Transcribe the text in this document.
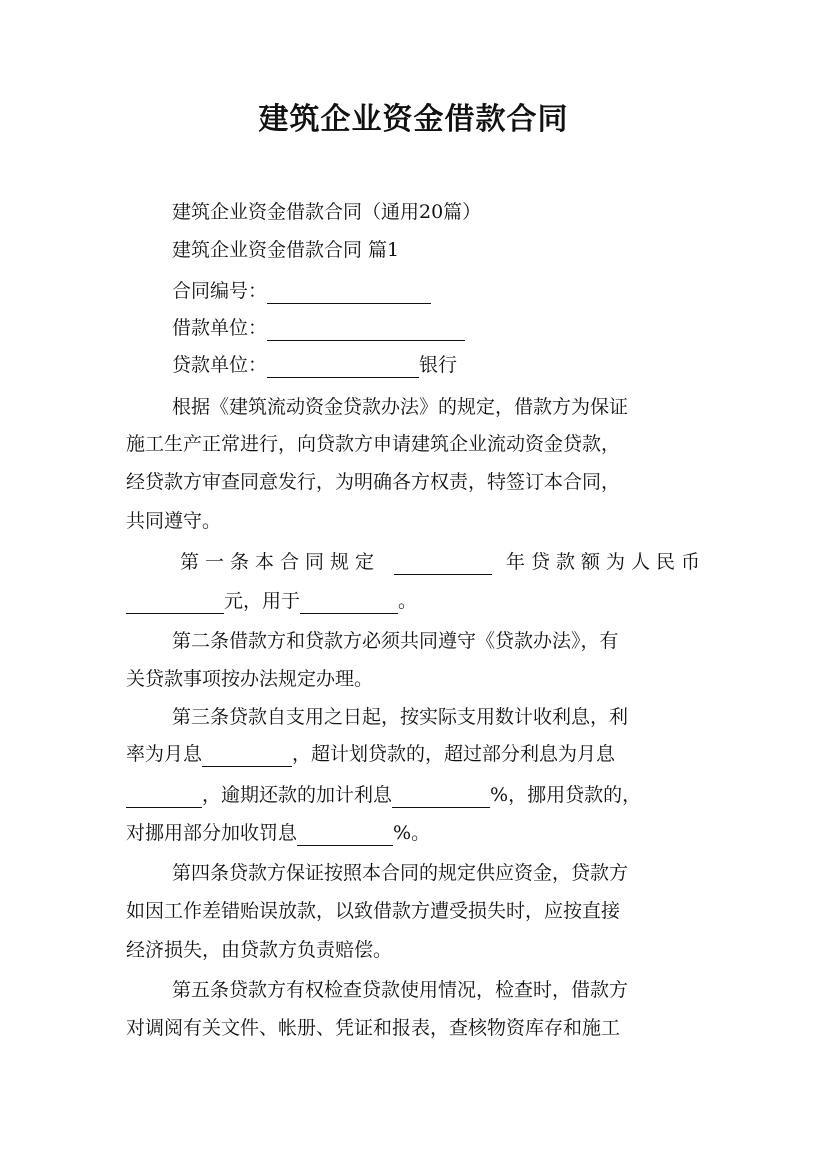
建筑企业资金借款合同
建筑企业资金借款合同（通用20篇）
建筑企业资金借款合同 篇1
合同编号：
借款单位：
贷款单位：	银行
根据《建筑流动资金贷款办法》的规定，借款方为保证
施工生产正常进行，向贷款方申请建筑企业流动资金贷款，
经贷款方审查同意发行，为明确各方权责，特签订本合同，
共同遵守。
第一条本合同规定	年贷款额为人民币
元，用于	。
第二条借款方和贷款方必须共同遵守《贷款办法》，有
关贷款事项按办法规定办理。
第三条贷款自支用之日起，按实际支用数计收利息，利
率为月息	，超计划贷款的，超过部分利息为月息
，逾期还款的加计利息	%，挪用贷款的，
对挪用部分加收罚息	%。
第四条贷款方保证按照本合同的规定供应资金，贷款方
如因工作差错贻误放款，以致借款方遭受损失时，应按直接
经济损失，由贷款方负责赔偿。
第五条贷款方有权检查贷款使用情况，检查时，借款方
对调阅有关文件、帐册、凭证和报表，查核物资库存和施工
